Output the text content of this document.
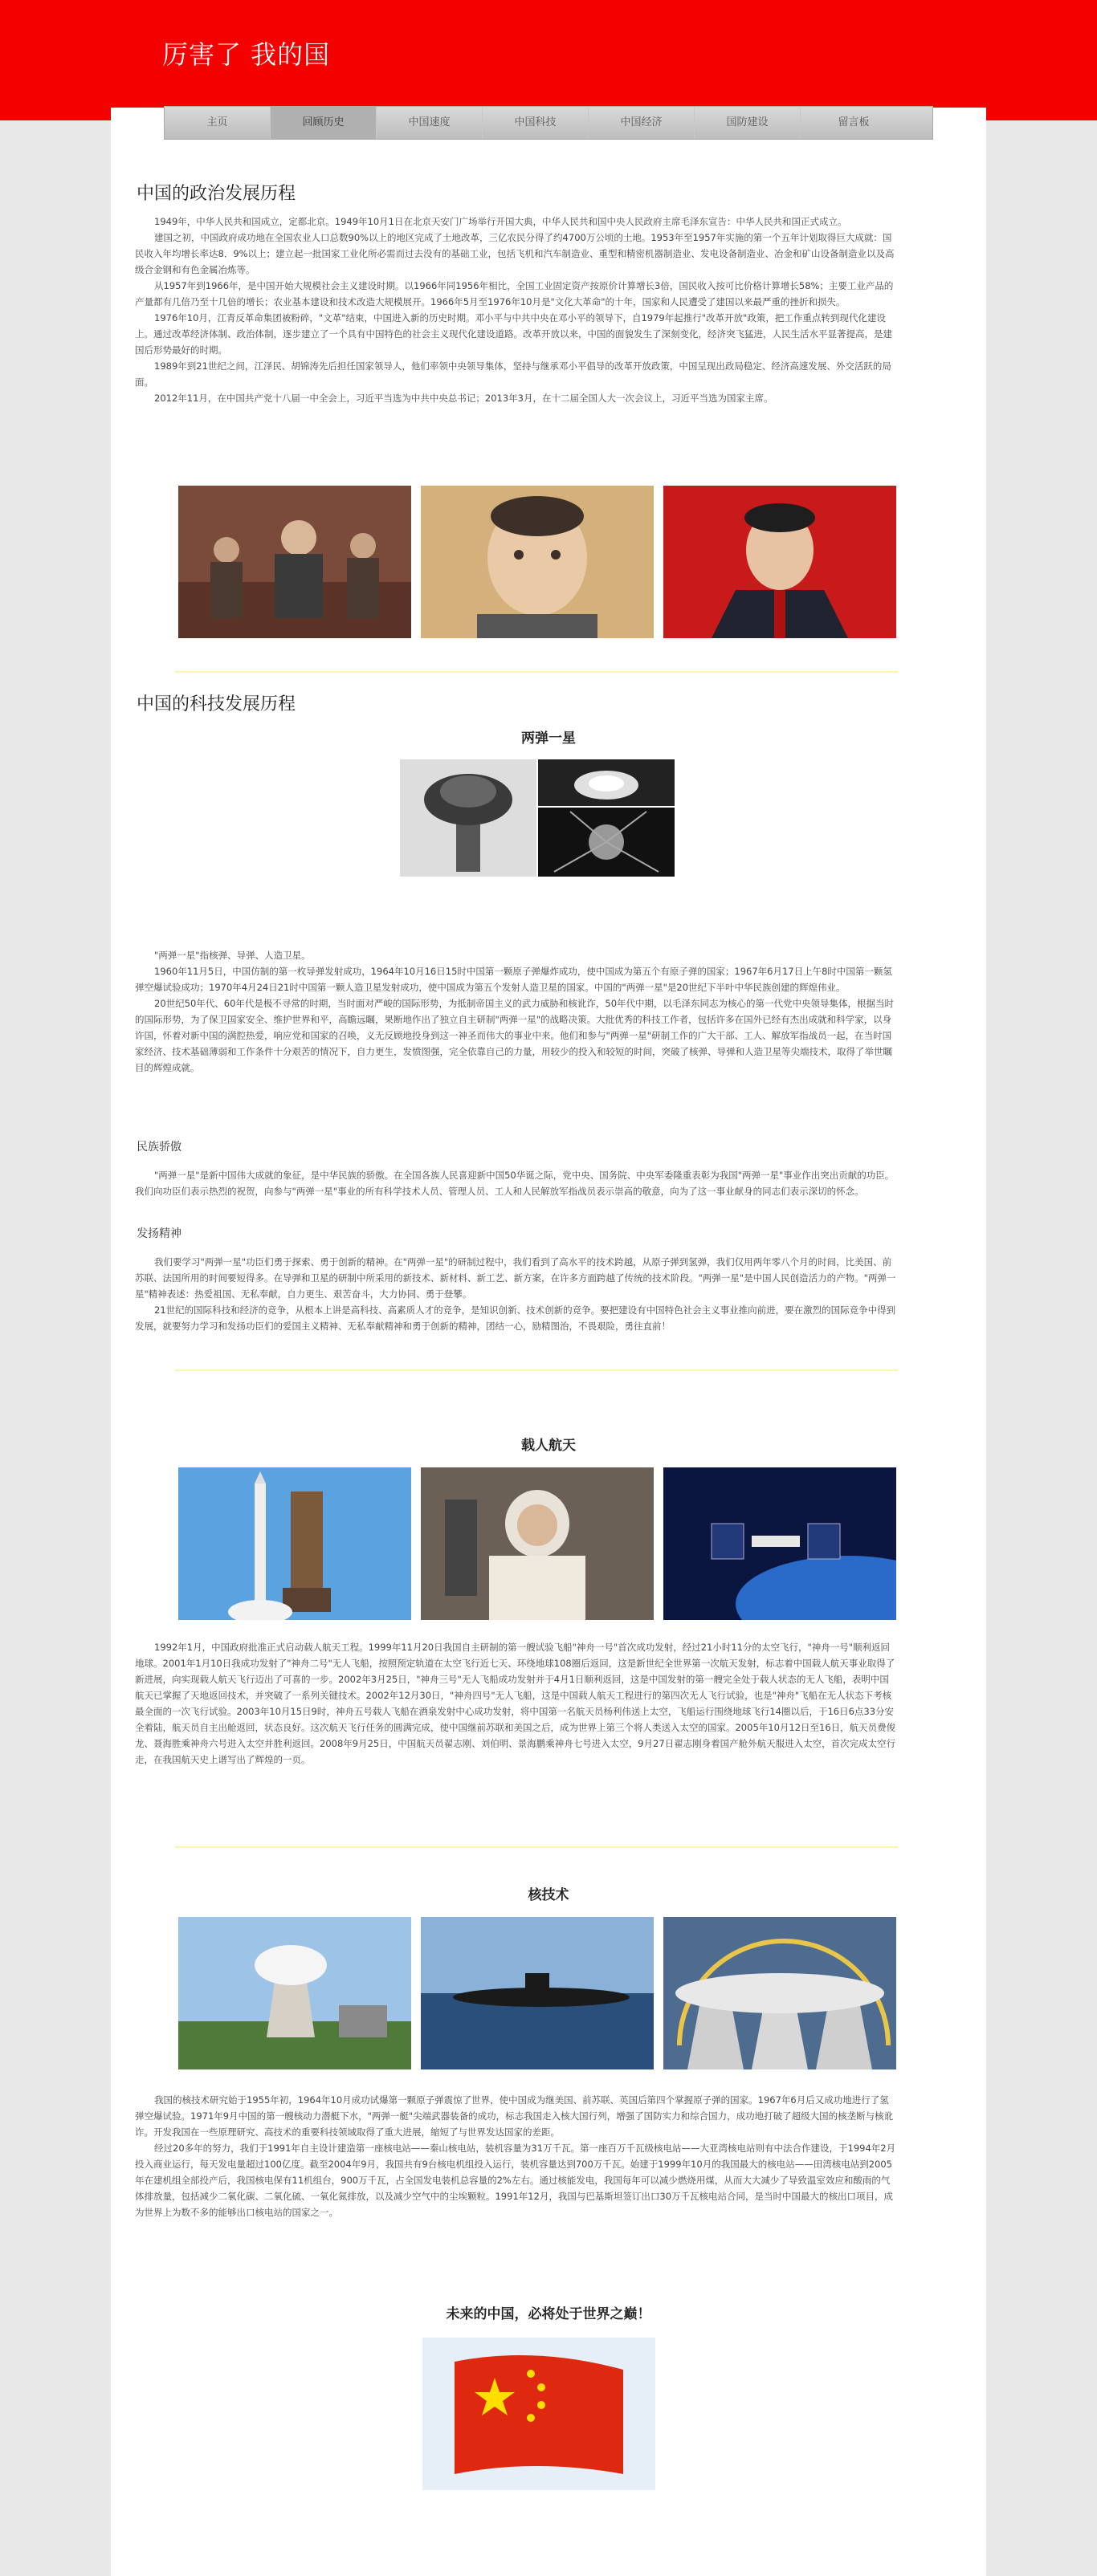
厉害了 我的国
主页	回顾历史	中国速度	中国科技	中国经济	国防建设	留言板
中国的政治发展历程

1949年，中华人民共和国成立，定都北京。1949年10月1日在北京天安门广场举行开国大典，中华人民共和国中央人民政府主席毛泽东宣告：中华人民共和国正式成立。

建国之初，中国政府成功地在全国农业人口总数90%以上的地区完成了土地改革，三亿农民分得了约4700万公顷的土地。1953年至1957年实施的第一个五年计划取得巨大成就：国民收入年均增长率达8．9%以上；建立起一批国家工业化所必需而过去没有的基础工业，包括飞机和汽车制造业、重型和精密机器制造业、发电设备制造业、冶金和矿山设备制造业以及高级合金钢和有色金属冶炼等。

从1957年到1966年，是中国开始大规模社会主义建设时期。以1966年同1956年相比，全国工业固定资产按原价计算增长3倍，国民收入按可比价格计算增长58%；主要工业产品的产量都有几倍乃至十几倍的增长；农业基本建设和技术改造大规模展开。1966年5月至1976年10月是"文化大革命"的十年，国家和人民遭受了建国以来最严重的挫折和损失。

1976年10月，江青反革命集团被粉碎，"文革"结束，中国进入新的历史时期。邓小平与中共中央在邓小平的领导下，自1979年起推行"改革开放"政策，把工作重点转到现代化建设上。通过改革经济体制、政治体制，逐步建立了一个具有中国特色的社会主义现代化建设道路。改革开放以来，中国的面貌发生了深刻变化，经济突飞猛进，人民生活水平显著提高，是建国后形势最好的时期。

1989年到21世纪之间，江泽民、胡锦涛先后担任国家领导人，他们率领中央领导集体，坚持与继承邓小平倡导的改革开放政策，中国呈现出政局稳定、经济高速发展、外交活跃的局面。

2012年11月，在中国共产党十八届一中全会上，习近平当选为中共中央总书记；2013年3月，在十二届全国人大一次会议上，习近平当选为国家主席。

中国的科技发展历程
两弹一星

"两弹一星"指核弹、导弹、人造卫星。

1960年11月5日，中国仿制的第一枚导弹发射成功，1964年10月16日15时中国第一颗原子弹爆炸成功，使中国成为第五个有原子弹的国家；1967年6月17日上午8时中国第一颗氢弹空爆试验成功；1970年4月24日21时中国第一颗人造卫星发射成功，使中国成为第五个发射人造卫星的国家。中国的"两弹一星"是20世纪下半叶中华民族创建的辉煌伟业。

20世纪50年代、60年代是极不寻常的时期，当时面对严峻的国际形势，为抵制帝国主义的武力威胁和核讹诈，50年代中期，以毛泽东同志为核心的第一代党中央领导集体，根据当时的国际形势，为了保卫国家安全、维护世界和平，高瞻远瞩，果断地作出了独立自主研制"两弹一星"的战略决策。大批优秀的科技工作者，包括许多在国外已经有杰出成就和科学家，以身许国，怀着对新中国的满腔热爱，响应党和国家的召唤，义无反顾地投身到这一神圣而伟大的事业中来。他们和参与"两弹一星"研制工作的广大干部、工人、解放军指战员一起，在当时国家经济、技术基础薄弱和工作条件十分艰苦的情况下，自力更生，发愤图强，完全依靠自己的力量，用较少的投入和较短的时间，突破了核弹、导弹和人造卫星等尖端技术，取得了举世瞩目的辉煌成就。

民族骄傲

"两弹一星"是新中国伟大成就的象征，是中华民族的骄傲。在全国各族人民喜迎新中国50华诞之际，党中央、国务院、中央军委隆重表彰为我国"两弹一星"事业作出突出贡献的功臣。我们向功臣们表示热烈的祝贺，向参与"两弹一星"事业的所有科学技术人员、管理人员、工人和人民解放军指战员表示崇高的敬意，向为了这一事业献身的同志们表示深切的怀念。

发扬精神

我们要学习"两弹一星"功臣们勇于探索、勇于创新的精神。在"两弹一星"的研制过程中，我们看到了高水平的技术跨越，从原子弹到氢弹，我们仅用两年零八个月的时间，比美国、前苏联、法国所用的时间要短得多。在导弹和卫星的研制中所采用的新技术、新材料、新工艺、新方案，在许多方面跨越了传统的技术阶段。"两弹一星"是中国人民创造活力的产物。"两弹一星"精神表述：热爱祖国、无私奉献，自力更生、艰苦奋斗，大力协同、勇于登攀。

21世纪的国际科技和经济的竞争，从根本上讲是高科技、高素质人才的竞争，是知识创新、技术创新的竞争。要把建设有中国特色社会主义事业推向前进，要在激烈的国际竞争中得到发展，就要努力学习和发扬功臣们的爱国主义精神、无私奉献精神和勇于创新的精神，团结一心，励精图治，不畏艰险，勇往直前！

载人航天

1992年1月，中国政府批准正式启动载人航天工程。1999年11月20日我国自主研制的第一艘试验飞船"神舟一号"首次成功发射，经过21小时11分的太空飞行，"神舟一号"顺利返回地球。2001年1月10日我成功发射了"神舟二号"无人飞船，按照预定轨道在太空飞行近七天、环绕地球108圈后返回，这是新世纪全世界第一次航天发射，标志着中国载人航天事业取得了新进展，向实现载人航天飞行迈出了可喜的一步。2002年3月25日，"神舟三号"无人飞船成功发射并于4月1日顺利返回，这是中国发射的第一艘完全处于载人状态的无人飞船，表明中国航天已掌握了天地返回技术，并突破了一系列关键技术。2002年12月30日，"神舟四号"无人飞船，这是中国载人航天工程进行的第四次无人飞行试验，也是"神舟"飞船在无人状态下考核最全面的一次飞行试验。2003年10月15日9时，神舟五号载人飞船在酒泉发射中心成功发射，将中国第一名航天员杨利伟送上太空，飞船运行围绕地球飞行14圈以后，于16日6点33分安全着陆，航天员自主出舱返回，状态良好。这次航天飞行任务的圆满完成，使中国继前苏联和美国之后，成为世界上第三个将人类送入太空的国家。2005年10月12日至16日，航天员费俊龙、聂海胜乘神舟六号进入太空并胜利返回。2008年9月25日，中国航天员翟志刚、刘伯明、景海鹏乘神舟七号进入太空，9月27日翟志刚身着国产舱外航天服进入太空，首次完成太空行走，在我国航天史上谱写出了辉煌的一页。

核技术

我国的核技术研究始于1955年初，1964年10月成功试爆第一颗原子弹震惊了世界，使中国成为继美国、前苏联、英国后第四个掌握原子弹的国家。1967年6月后又成功地进行了氢弹空爆试验。1971年9月中国的第一艘核动力潜艇下水，"两弹一艇"尖端武器装备的成功，标志我国走入核大国行列，增强了国防实力和综合国力，成功地打破了超级大国的核垄断与核讹诈。开发我国在一些原理研究、高技术的重要科技领域取得了重大进展，缩短了与世界发达国家的差距。

经过20多年的努力，我们于1991年自主设计建造第一座核电站——秦山核电站，装机容量为31万千瓦。第一座百万千瓦级核电站——大亚湾核电站则有中法合作建设，于1994年2月投入商业运行，每天发电量超过100亿度。截至2004年9月，我国共有9台核电机组投入运行，装机容量达到700万千瓦。始建于1999年10月的我国最大的核电站——田湾核电站到2005年在建机组全部投产后，我国核电保有11机组台，900万千瓦，占全国发电装机总容量的2%左右。通过核能发电，我国每年可以减少燃烧用煤，从而大大减少了导致温室效应和酸雨的气体排放量，包括减少二氧化碳、二氧化硫、一氧化氮排放，以及减少空气中的尘埃颗粒。1991年12月，我国与巴基斯坦签订出口30万千瓦核电站合同，是当时中国最大的核出口项目，成为世界上为数不多的能够出口核电站的国家之一。

未来的中国，必将处于世界之巅！
